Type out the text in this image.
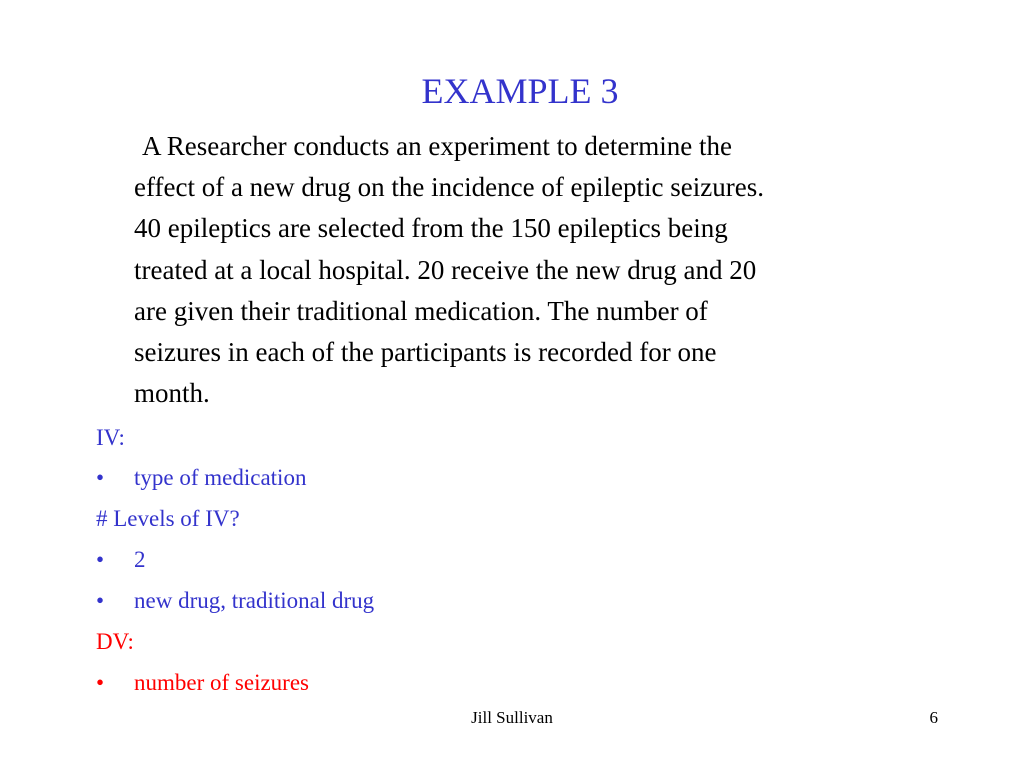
EXAMPLE 3

A Researcher conducts an experiment to determine the
effect of a new drug on the incidence of epileptic seizures.
40 epileptics are selected from the 150 epileptics being
treated at a local hospital. 20 receive the new drug and 20
are given their traditional medication. The number of
seizures in each of the participants is recorded for one
month.

IV:
• type of medication
# Levels of IV?
• 2
• new drug, traditional drug
DV:
• number of seizures
Jill Sullivan	6
